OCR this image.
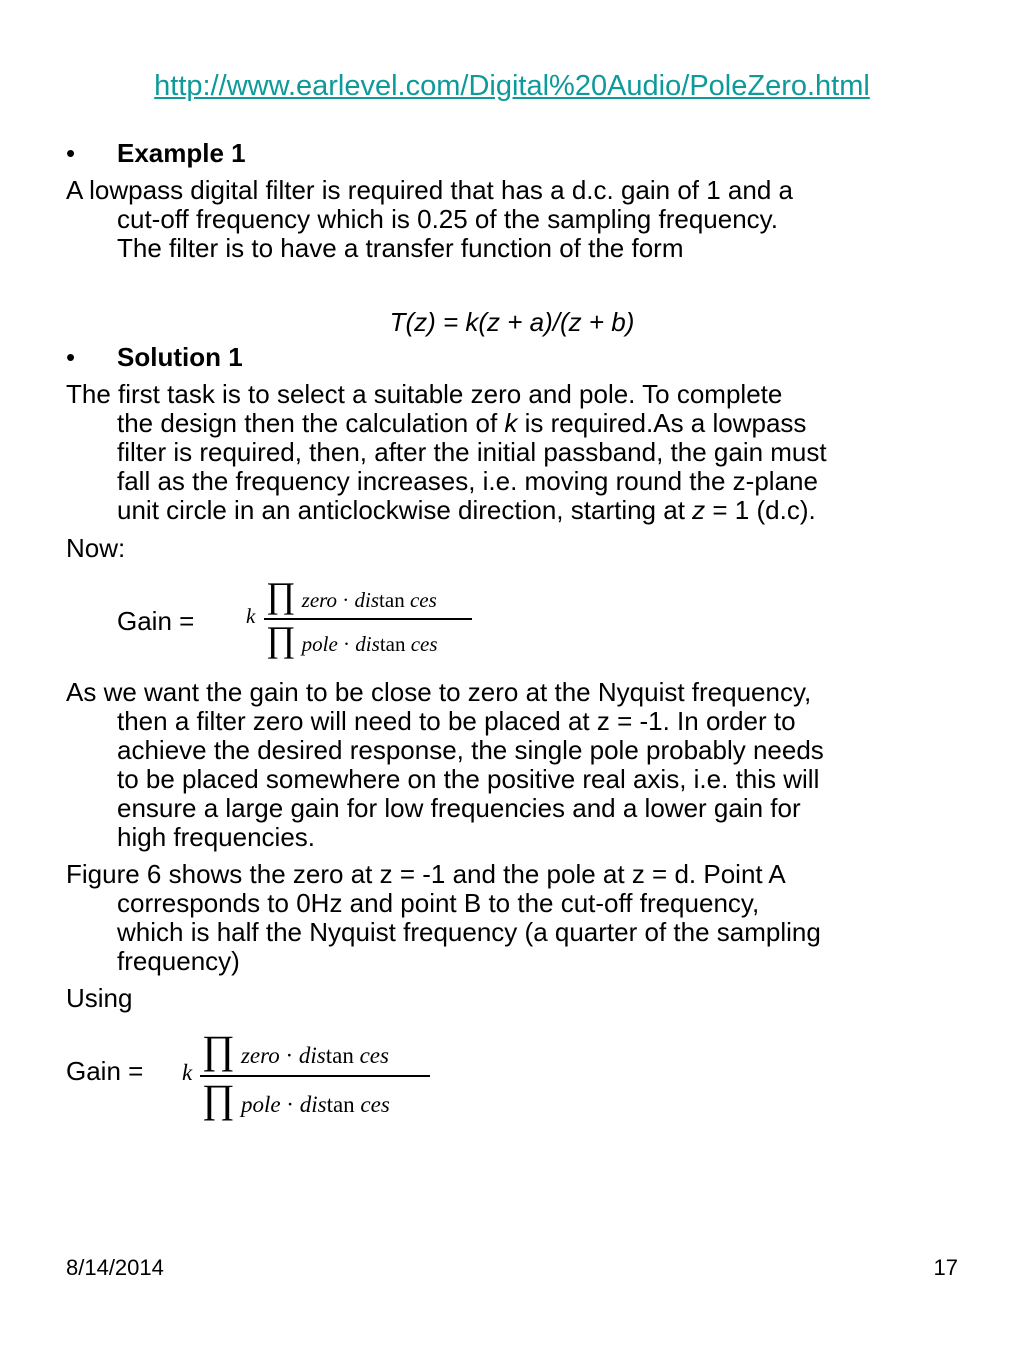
http://www.earlevel.com/Digital%20Audio/PoleZero.html
• Example 1
A lowpass digital filter is required that has a d.c. gain of 1 and a
cut-off frequency which is 0.25 of the sampling frequency.
The filter is to have a transfer function of the form
T(z) = k(z + a)/(z + b)
• Solution 1
The first task is to select a suitable zero and pole. To complete
the design then the calculation of k is required.As a lowpass
filter is required, then, after the initial passband, the gain must
fall as the frequency increases, i.e. moving round the z-plane
unit circle in an anticlockwise direction, starting at z = 1 (d.c).
Now:
Gain = k
∏ zero · distan ces
∏ pole · distan ces
As we want the gain to be close to zero at the Nyquist frequency,
then a filter zero will need to be placed at z = -1. In order to
achieve the desired response, the single pole probably needs
to be placed somewhere on the positive real axis, i.e. this will
ensure a large gain for low frequencies and a lower gain for
high frequencies.
Figure 6 shows the zero at z = -1 and the pole at z = d. Point A
corresponds to 0Hz and point B to the cut-off frequency,
which is half the Nyquist frequency (a quarter of the sampling
frequency)
Using
Gain = k
∏ zero · distan ces
∏ pole · distan ces
8/14/2014	17
